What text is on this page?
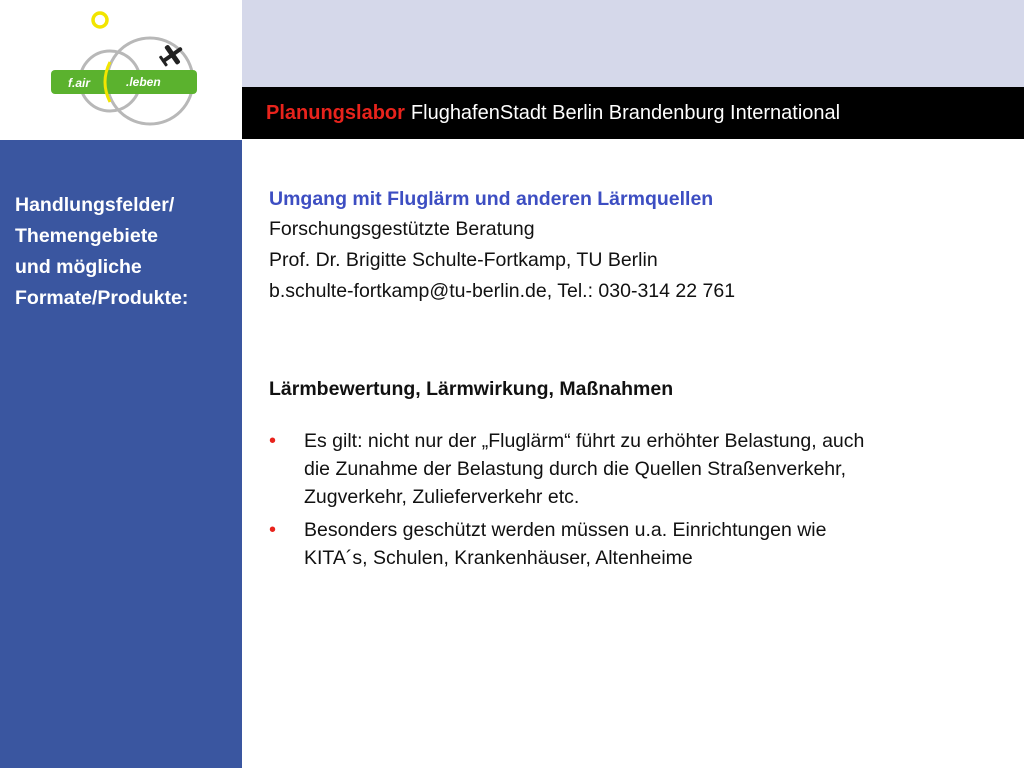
f.air	.leben
Planungslabor FlughafenStadt Berlin Brandenburg International
Handlungsfelder/
Themengebiete
und mögliche
Formate/Produkte:
Umgang mit Fluglärm und anderen Lärmquellen
Forschungsgestützte Beratung
Prof. Dr. Brigitte Schulte-Fortkamp, TU Berlin
b.schulte-fortkamp@tu-berlin.de, Tel.: 030-314 22 761
Lärmbewertung, Lärmwirkung, Maßnahmen
• Es gilt: nicht nur der „Fluglärm“ führt zu erhöhter Belastung, auch
die Zunahme der Belastung durch die Quellen Straßenverkehr,
Zugverkehr, Zulieferverkehr etc.
• Besonders geschützt werden müssen u.a. Einrichtungen wie
KITA´s, Schulen, Krankenhäuser, Altenheime
